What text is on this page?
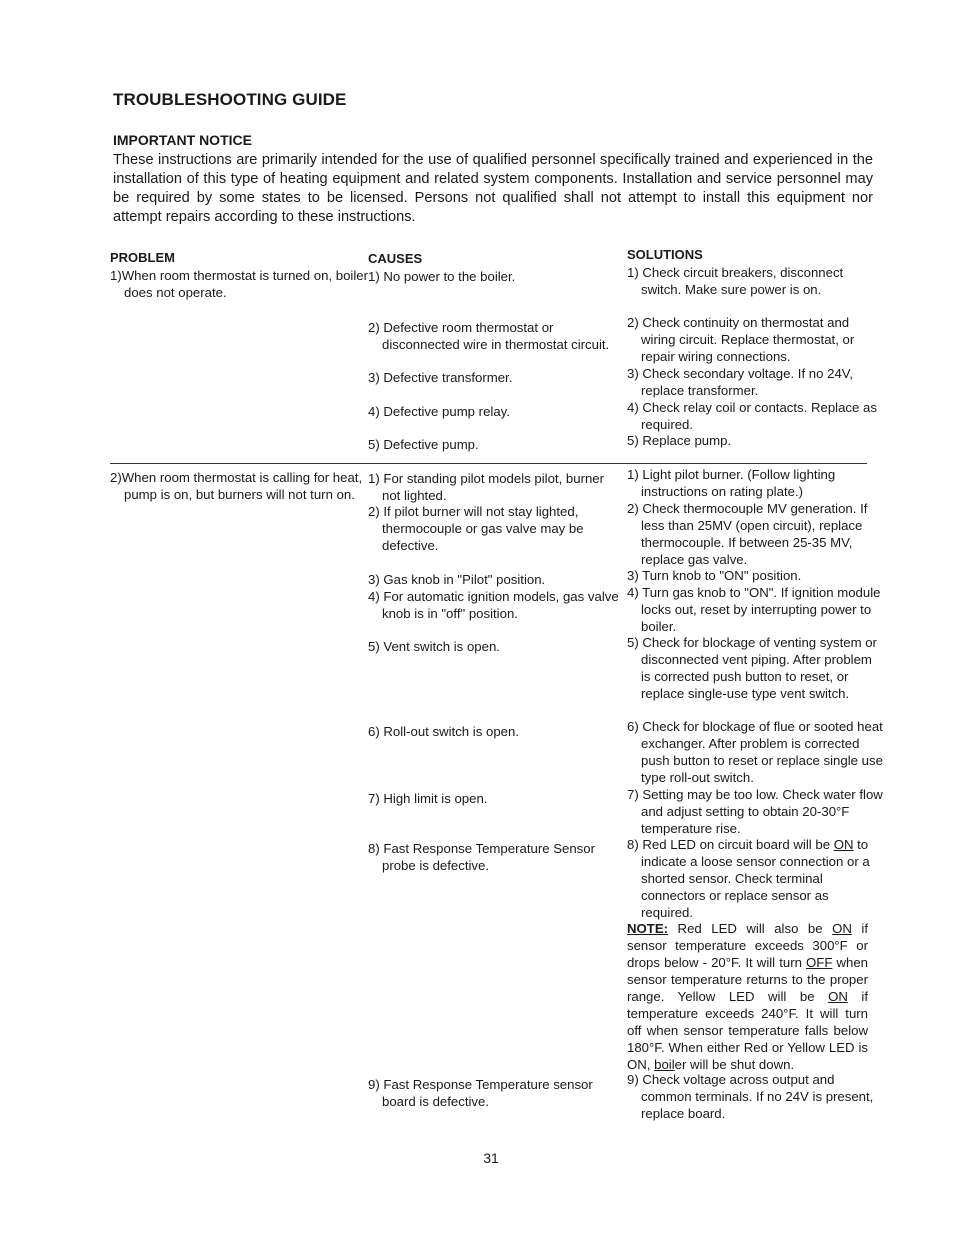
TROUBLESHOOTING GUIDE
IMPORTANT NOTICE
These instructions are primarily intended for the use of qualified personnel specifically trained and experienced in the installation of this type of heating equipment and related system components. Installation and service personnel may be required by some states to be licensed. Persons not qualified shall not attempt to install this equipment nor attempt repairs according to these instructions.
PROBLEM	CAUSES	SOLUTIONS
1)When room thermostat is turned on, boiler does not operate.
2)When room thermostat is calling for heat, pump is on, but burners will not turn on.
1) No power to the boiler.
2) Defective room thermostat or disconnected wire in thermostat circuit.
3) Defective transformer.
4) Defective pump relay.
5) Defective pump.
1) For standing pilot models pilot, burner not lighted.
2) If pilot burner will not stay lighted, thermocouple or gas valve may be defective.
3) Gas knob in "Pilot" position.
4) For automatic ignition models, gas valve knob is in "off" position.
5) Vent switch is open.
6) Roll-out switch is open.
7) High limit is open.
8) Fast Response Temperature Sensor probe is defective.
9) Fast Response Temperature sensor board is defective.
1) Check circuit breakers, disconnect switch. Make sure power is on.
2) Check continuity on thermostat and wiring circuit. Replace thermostat, or repair wiring connections.
3) Check secondary voltage. If no 24V, replace transformer.
4) Check relay coil or contacts. Replace as required.
5) Replace pump.
1) Light pilot burner. (Follow lighting instructions on rating plate.)
2) Check thermocouple MV generation. If less than 25MV (open circuit), replace thermocouple. If between 25-35 MV, replace gas valve.
3) Turn knob to "ON" position.
4) Turn gas knob to "ON". If ignition module locks out, reset by interrupting power to boiler.
5) Check for blockage of venting system or disconnected vent piping. After problem is corrected push button to reset, or replace single-use type vent switch.
6) Check for blockage of flue or sooted heat exchanger. After problem is corrected push button to reset or replace single use type roll-out switch.
7) Setting may be too low. Check water flow and adjust setting to obtain 20-30°F temperature rise.
8) Red LED on circuit board will be ON to indicate a loose sensor connection or a shorted sensor. Check terminal connectors or replace sensor as required.
NOTE: Red LED will also be ON if sensor temperature exceeds 300°F or drops below - 20°F. It will turn OFF when sensor temperature returns to the proper range. Yellow LED will be ON if temperature exceeds 240°F. It will turn off when sensor temperature falls below 180°F. When either Red or Yellow LED is ON, boiler will be shut down.
9) Check voltage across output and common terminals. If no 24V is present, replace board.
31
